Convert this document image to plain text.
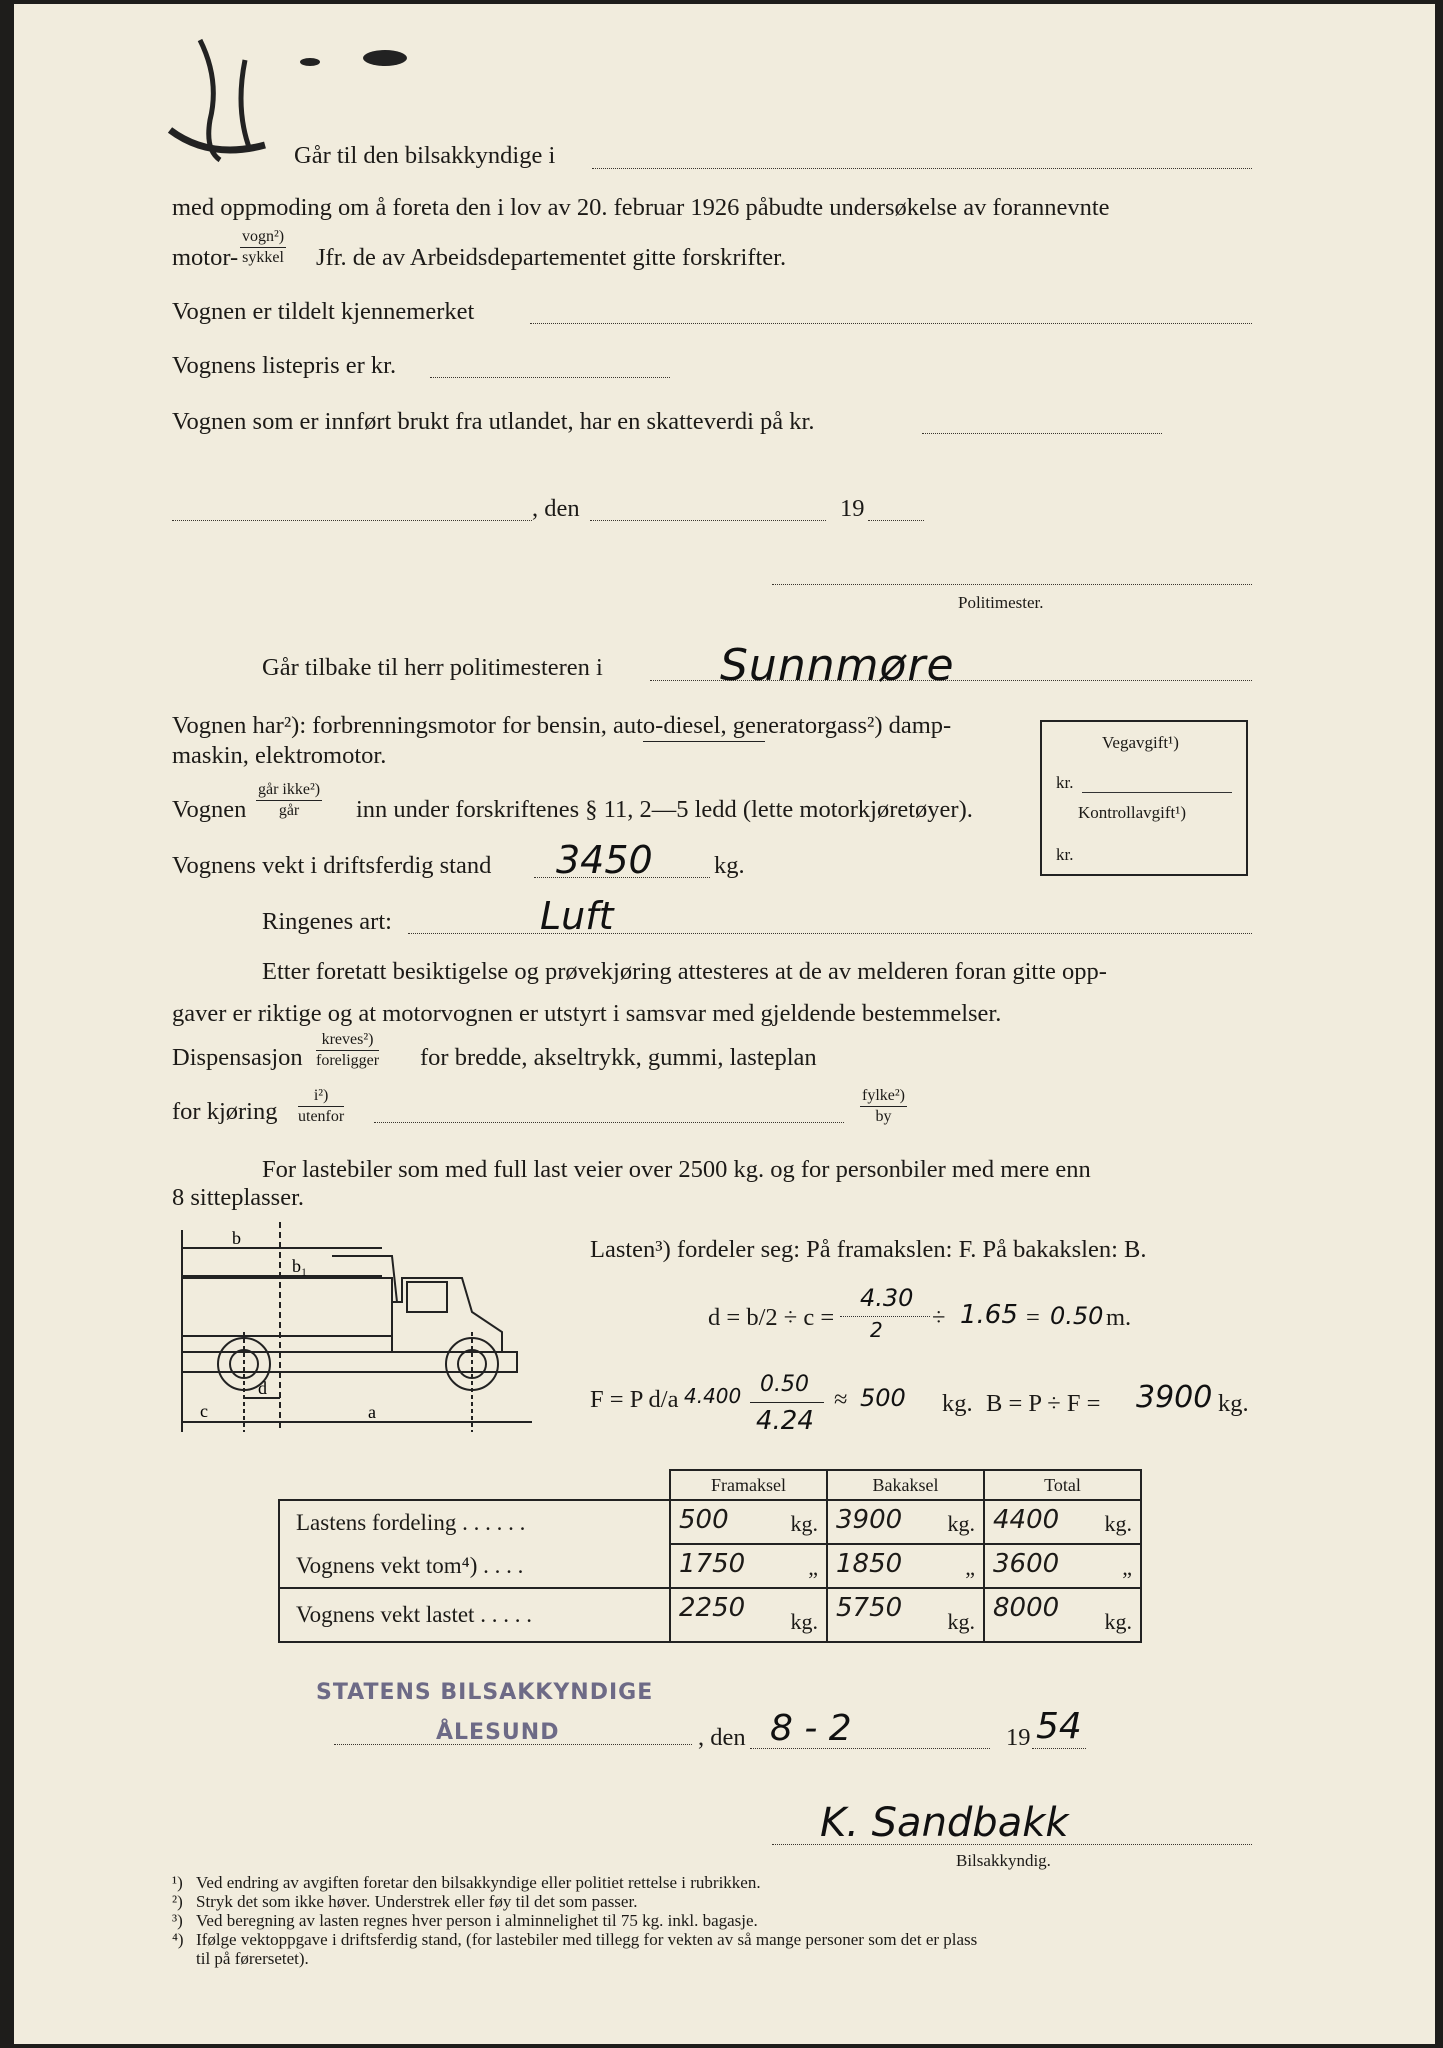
Går til den bilsakkyndige i
med oppmoding om å foreta den i lov av 20. februar 1926 påbudte undersøkelse av forannevnte
motor-
vogn²)
sykkel Jfr. de av Arbeidsdepartementet gitte forskrifter.
Vognen er tildelt kjennemerket
Vognens listepris er kr.
Vognen som er innført brukt fra utlandet, har en skatteverdi på kr.
, den	19
Politimester.
Går tilbake til herr politimesteren i	Sunnmøre
Vognen har²): forbrenningsmotor for bensin, auto-diesel, generatorgass²) damp-
maskin, elektromotor.
Vognen
går ikke²)
går	inn under forskriftenes § 11, 2—5 ledd (lette motorkjøretøyer).
Vognens vekt i driftsferdig stand 3450	kg.
Ringenes art:	Luft
Etter foretatt besiktigelse og prøvekjøring attesteres at de av melderen foran gitte opp-
gaver er riktige og at motorvognen er utstyrt i samsvar med gjeldende bestemmelser.
Dispensasjon
kreves²)
foreligger for bredde, akseltrykk, gummi, lasteplan
for kjøring
i²)
utenfor
fylke²)
by
Vegavgift¹)
kr.
Kontrollavgift¹)
kr.
For lastebiler som med full last veier over 2500 kg. og for personbiler med mere enn
8 sitteplasser.
b
b₁
d
c	a
Lasten³) fordeler seg: På framakslen: F. På bakakslen: B.
d = b/2 ÷ c =
4.30
2 ÷ 1.65 = 0.50 m.
F = P d/a 4.400 0.50
4.24
≈ 500 kg. B = P ÷ F = 3900 kg.
	Framaksel	Bakaksel	Total
Lastens fordeling . . . . . .	500 kg.	3900 kg.	4400 kg.

Vognens vekt tom⁴) . . . .	1750 „	1850 „	3600 „

Vognens vekt lastet . . . . .	2250 kg.	5750 kg.	8000 kg.
STATENS BILSAKKYNDIGE
ÅLESUND	, den 8 - 2	19 54
K. Sandbakk
Bilsakkyndig.
¹) Ved endring av avgiften foretar den bilsakkyndige eller politiet rettelse i rubrikken.
²) Stryk det som ikke høver. Understrek eller føy til det som passer.
³) Ved beregning av lasten regnes hver person i alminnelighet til 75 kg. inkl. bagasje.
⁴) Ifølge vektoppgave i driftsferdig stand, (for lastebiler med tillegg for vekten av så mange personer som det er plass
til på førersetet).
